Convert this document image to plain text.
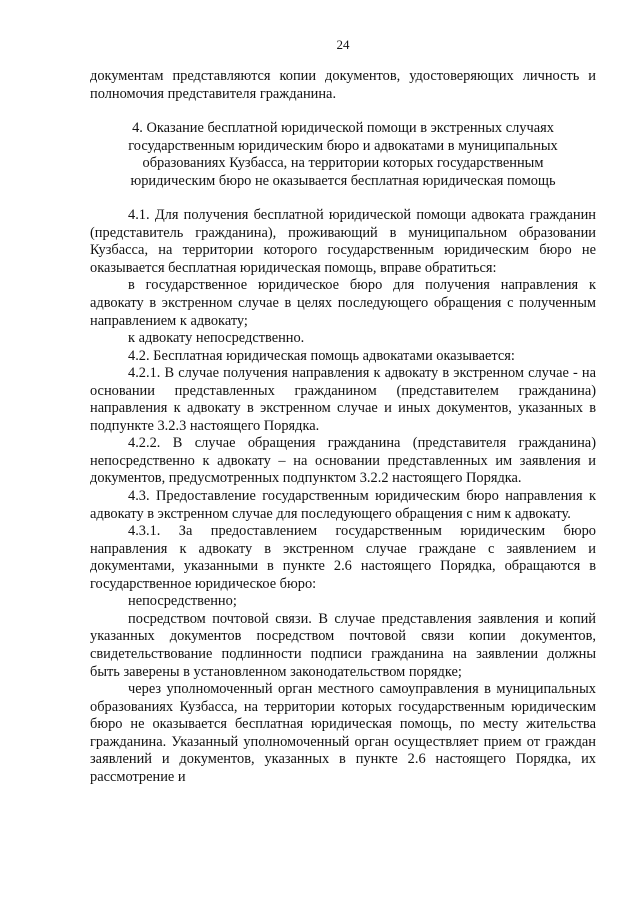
24

документам представляются копии документов, удостоверяющих личность и полномочия представителя гражданина.

4. Оказание бесплатной юридической помощи в экстренных случаях государственным юридическим бюро и адвокатами в муниципальных образованиях Кузбасса, на территории которых государственным юридическим бюро не оказывается бесплатная юридическая помощь

4.1. Для получения бесплатной юридической помощи адвоката гражданин (представитель гражданина), проживающий в муниципальном образовании Кузбасса, на территории которого государственным юридическим бюро не оказывается бесплатная юридическая помощь, вправе обратиться:

в государственное юридическое бюро для получения направления к адвокату в экстренном случае в целях последующего обращения с полученным направлением к адвокату;

к адвокату непосредственно.

4.2. Бесплатная юридическая помощь адвокатами оказывается:

4.2.1. В случае получения направления к адвокату в экстренном случае - на основании представленных гражданином (представителем гражданина) направления к адвокату в экстренном случае и иных документов, указанных в подпункте 3.2.3 настоящего Порядка.

4.2.2. В случае обращения гражданина (представителя гражданина) непосредственно к адвокату – на основании представленных им заявления и документов, предусмотренных подпунктом 3.2.2 настоящего Порядка.

4.3. Предоставление государственным юридическим бюро направления к адвокату в экстренном случае для последующего обращения с ним к адвокату.

4.3.1. За предоставлением государственным юридическим бюро направления к адвокату в экстренном случае граждане с заявлением и документами, указанными в пункте 2.6 настоящего Порядка, обращаются в государственное юридическое бюро:

непосредственно;

посредством почтовой связи. В случае представления заявления и копий указанных документов посредством почтовой связи копии документов, свидетельствование подлинности подписи гражданина на заявлении должны быть заверены в установленном законодательством порядке;

через уполномоченный орган местного самоуправления в муниципальных образованиях Кузбасса, на территории которых государственным юридическим бюро не оказывается бесплатная юридическая помощь, по месту жительства гражданина. Указанный уполномоченный орган осуществляет прием от граждан заявлений и документов, указанных в пункте 2.6 настоящего Порядка, их рассмотрение и
